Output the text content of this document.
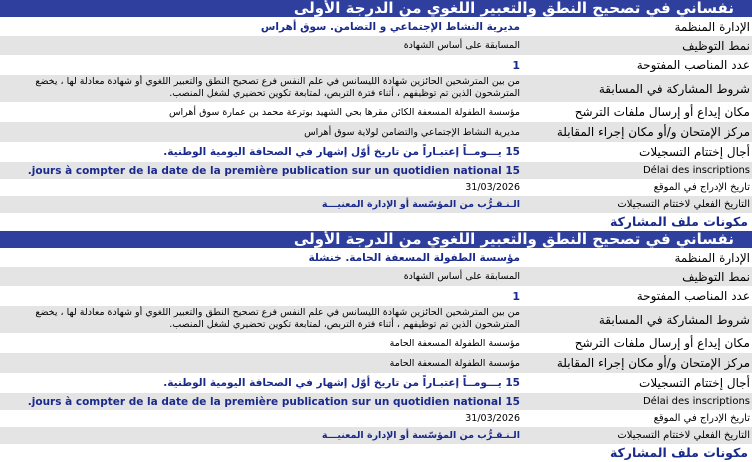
نفساني في تصحيح النطق والتعبير اللغوي من الدرجة الأولى
الإدارة المنظمة
مديرية النشاط الإجتماعي و التضامن. سوق أهراس
نمط التوظيف
المسابقة على أساس الشهادة
عدد المناصب المفتوحة
1
شروط المشاركة في المسابقة
من بين المترشحين الحائزين شهادة الليسانس في علم النفس فرع تصحيح النطق والتعبير اللغوي أو شهادة معادلة لها ، يخضع المترشحون الذين تم توظيفهم ، أثناء فترة التربص، لمتابعة تكوين تحضيري لشغل المنصب.
مكان إيداع أو إرسال ملفات الترشح
مؤسسة الطفولة المسعفة الكائن مقرها بحي الشهيد بوترعة محمد بن عمارة سوق أهراس
مركز الإمتحان و/أو مكان إجراء المقابلة
مديرية النشاط الإجتماعي والتضامن لولاية سوق أهراس
أجال إختتام التسجيلات
15 يـــومــاً إعتبـاراً من تاريخ أوّل إشهار في الصحافة اليومية الوطنية.
Délai des inscriptions
15 jours à compter de la date de la première publication sur un quotidien national.
تاريخ الإدراج في الموقع
31/03/2026
التاريخ الفعلي لاختتام التسجيلات
الـنـقـرُّب من المؤسّسة أو الإدارة المعنيـــة
مكونات ملف المشاركة
نفساني في تصحيح النطق والتعبير اللغوي من الدرجة الأولى
الإدارة المنظمة
مؤسسة الطفولة المسعفة الحامة. خنشلة
نمط التوظيف
المسابقة على أساس الشهادة
عدد المناصب المفتوحة
1
شروط المشاركة في المسابقة
من بين المترشحين الحائزين شهادة الليسانس في علم النفس فرع تصحيح النطق والتعبير اللغوي أو شهادة معادلة لها ، يخضع المترشحون الذين تم توظيفهم ، أثناء فترة التربص، لمتابعة تكوين تحضيري لشغل المنصب.
مكان إيداع أو إرسال ملفات الترشح
مؤسسة الطفولة المسعفة الحامة
مركز الإمتحان و/أو مكان إجراء المقابلة
مؤسسة الطفولة المسعفة الحامة
أجال إختتام التسجيلات
15 يـــومــاً إعتبـاراً من تاريخ أوّل إشهار في الصحافة اليومية الوطنية.
Délai des inscriptions
15 jours à compter de la date de la première publication sur un quotidien national.
تاريخ الإدراج في الموقع
31/03/2026
التاريخ الفعلي لاختتام التسجيلات
الـنـقـرُّب من المؤسّسة أو الإدارة المعنيـــة
مكونات ملف المشاركة
